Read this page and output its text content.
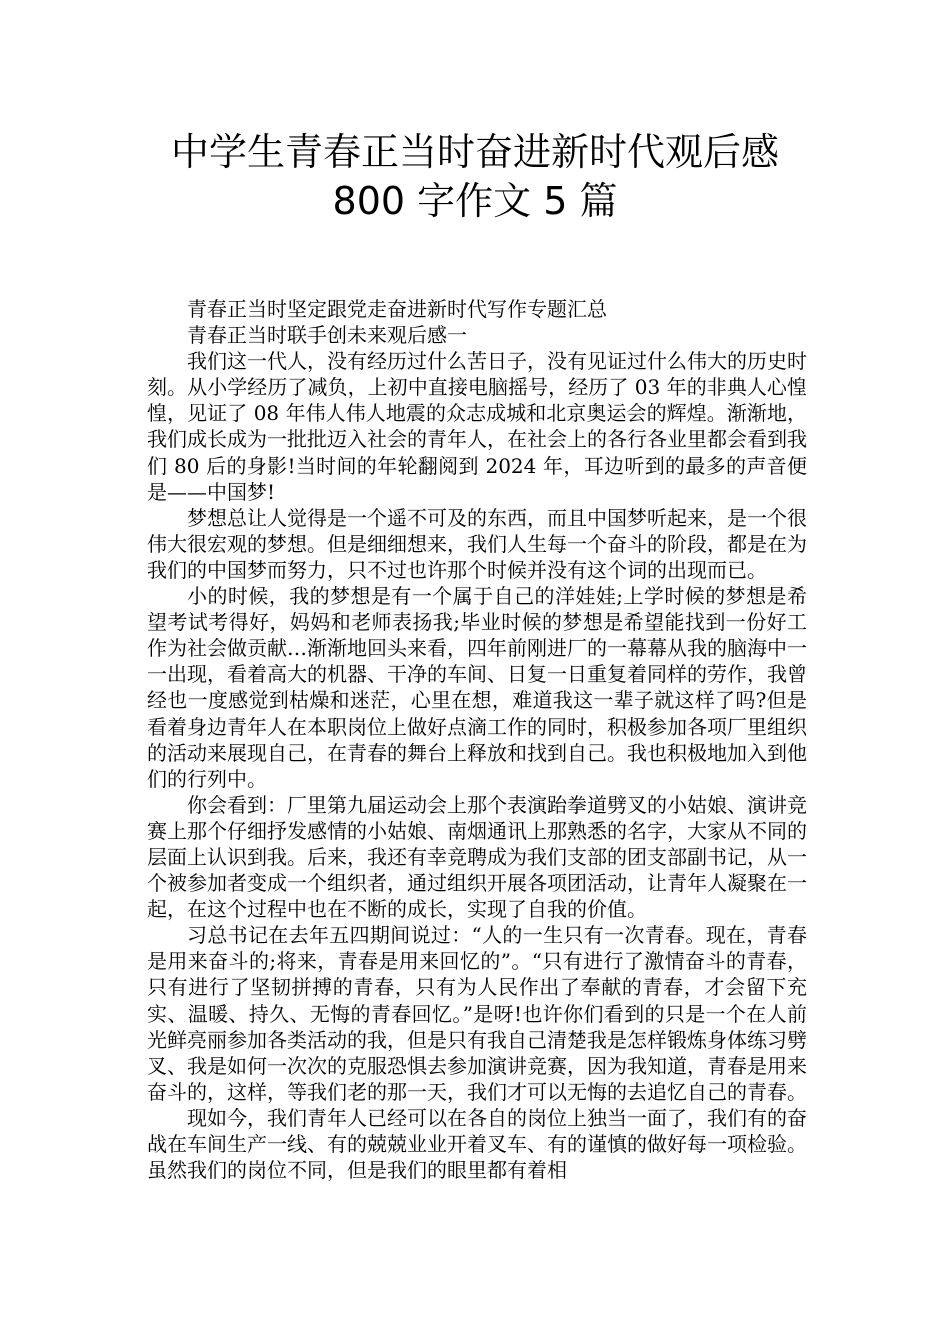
中学生青春正当时奋进新时代观后感
800 字作文 5 篇

青春正当时坚定跟党走奋进新时代写作专题汇总

青春正当时联手创未来观后感一

我们这一代人，没有经历过什么苦日子，没有见证过什么伟大的历史时刻。从小学经历了减负，上初中直接电脑摇号，经历了 03 年的非典人心惶惶，见证了 08 年伟人伟人地震的众志成城和北京奥运会的辉煌。渐渐地，我们成长成为一批批迈入社会的青年人，在社会上的各行各业里都会看到我们 80 后的身影!当时间的年轮翻阅到 2024 年，耳边听到的最多的声音便是——中国梦!

梦想总让人觉得是一个遥不可及的东西，而且中国梦听起来，是一个很伟大很宏观的梦想。但是细细想来，我们人生每一个奋斗的阶段，都是在为我们的中国梦而努力，只不过也许那个时候并没有这个词的出现而已。

小的时候，我的梦想是有一个属于自己的洋娃娃;上学时候的梦想是希望考试考得好，妈妈和老师表扬我;毕业时候的梦想是希望能找到一份好工作为社会做贡献…渐渐地回头来看，四年前刚进厂的一幕幕从我的脑海中一一出现，看着高大的机器、干净的车间、日复一日重复着同样的劳作，我曾经也一度感觉到枯燥和迷茫，心里在想，难道我这一辈子就这样了吗?但是看着身边青年人在本职岗位上做好点滴工作的同时，积极参加各项厂里组织的活动来展现自己，在青春的舞台上释放和找到自己。我也积极地加入到他们的行列中。

你会看到：厂里第九届运动会上那个表演跆拳道劈叉的小姑娘、演讲竞赛上那个仔细抒发感情的小姑娘、南烟通讯上那熟悉的名字，大家从不同的层面上认识到我。后来，我还有幸竞聘成为我们支部的团支部副书记，从一个被参加者变成一个组织者，通过组织开展各项团活动，让青年人凝聚在一起，在这个过程中也在不断的成长，实现了自我的价值。

习总书记在去年五四期间说过：“人的一生只有一次青春。现在，青春是用来奋斗的;将来，青春是用来回忆的”。“只有进行了激情奋斗的青春，只有进行了坚韧拼搏的青春，只有为人民作出了奉献的青春，才会留下充实、温暖、持久、无悔的青春回忆。”是呀!也许你们看到的只是一个在人前光鲜亮丽参加各类活动的我，但是只有我自己清楚我是怎样锻炼身体练习劈叉、我是如何一次次的克服恐惧去参加演讲竞赛，因为我知道，青春是用来奋斗的，这样，等我们老的那一天，我们才可以无悔的去追忆自己的青春。

现如今，我们青年人已经可以在各自的岗位上独当一面了，我们有的奋战在车间生产一线、有的兢兢业业开着叉车、有的谨慎的做好每一项检验。虽然我们的岗位不同，但是我们的眼里都有着相
